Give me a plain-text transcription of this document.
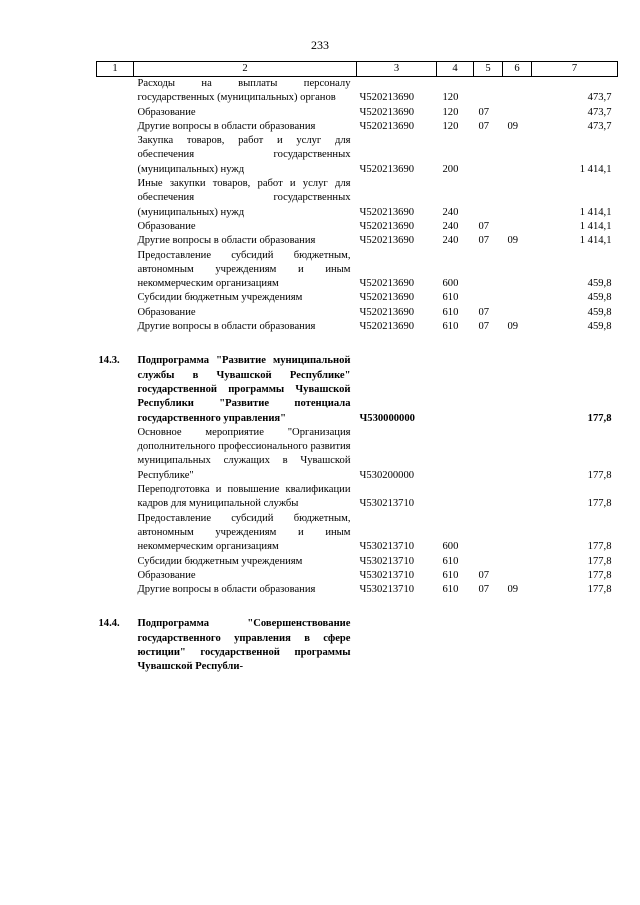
233
1	2	3	4	5	6	7
	Расходы на выплаты персоналу государственных (муниципальных) органов	Ч520213690	120			473,7
	Образование	Ч520213690	120	07		473,7
	Другие вопросы в области образования	Ч520213690	120	07	09	473,7
	Закупка товаров, работ и услуг для обеспечения государственных (муниципальных) нужд	Ч520213690	200			1 414,1
	Иные закупки товаров, работ и услуг для обеспечения государственных (муниципальных) нужд	Ч520213690	240			1 414,1
	Образование	Ч520213690	240	07		1 414,1
	Другие вопросы в области образования	Ч520213690	240	07	09	1 414,1
	Предоставление субсидий бюджетным, автономным учреждениям и иным некоммерческим организациям	Ч520213690	600			459,8
	Субсидии бюджетным учреждениям	Ч520213690	610			459,8
	Образование	Ч520213690	610	07		459,8
	Другие вопросы в области образования	Ч520213690	610	07	09	459,8

14.3.	Подпрограмма "Развитие муниципальной службы в Чувашской Республике" государственной программы Чувашской Республики "Развитие потенциала государственного управления"	Ч530000000				177,8
	Основное мероприятие "Организация дополнительного профессионального развития муниципальных служащих в Чувашской Республике"	Ч530200000				177,8
	Переподготовка и повышение квалификации кадров для муниципальной службы	Ч530213710				177,8
	Предоставление субсидий бюджетным, автономным учреждениям и иным некоммерческим организациям	Ч530213710	600			177,8
	Субсидии бюджетным учреждениям	Ч530213710	610			177,8
	Образование	Ч530213710	610	07		177,8
	Другие вопросы в области образования	Ч530213710	610	07	09	177,8

14.4.	Подпрограмма "Совершенствование государственного управления в сфере юстиции" государственной программы Чувашской Республи-					
